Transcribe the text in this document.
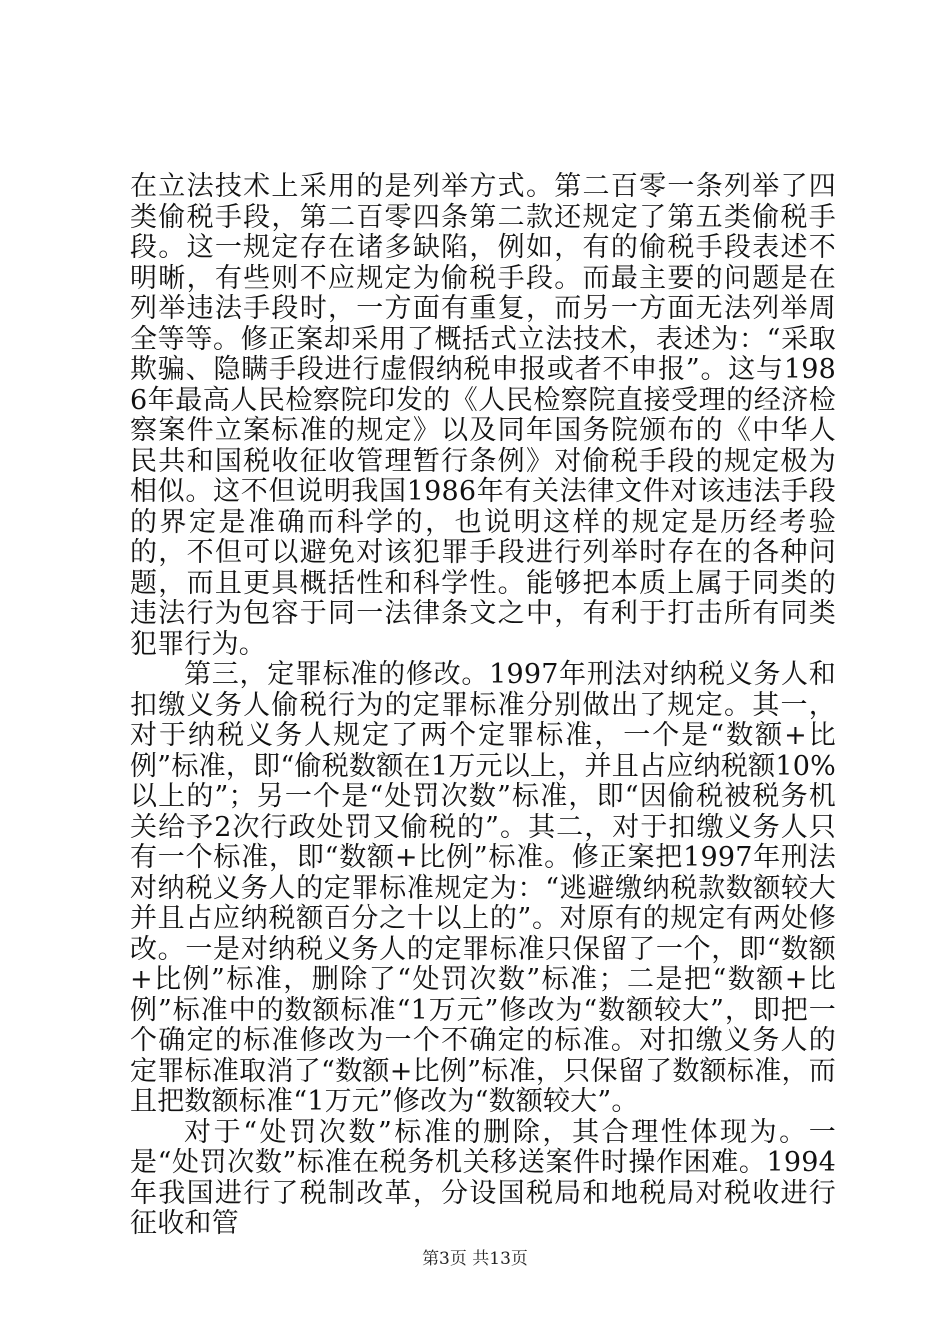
在立法技术上采用的是列举方式。第二百零一条列举了四类偷税手段，第二百零四条第二款还规定了第五类偷税手段。这一规定存在诸多缺陷，例如，有的偷税手段表述不明晰，有些则不应规定为偷税手段。而最主要的问题是在列举违法手段时，一方面有重复，而另一方面无法列举周全等等。修正案却采用了概括式立法技术，表述为：“采取欺骗、隐瞒手段进行虚假纳税申报或者不申报”。这与1986年最高人民检察院印发的《人民检察院直接受理的经济检察案件立案标准的规定》以及同年国务院颁布的《中华人民共和国税收征收管理暂行条例》对偷税手段的规定极为相似。这不但说明我国1986年有关法律文件对该违法手段的界定是准确而科学的，也说明这样的规定是历经考验的，不但可以避免对该犯罪手段进行列举时存在的各种问题，而且更具概括性和科学性。能够把本质上属于同类的违法行为包容于同一法律条文之中，有利于打击所有同类犯罪行为。

第三，定罪标准的修改。1997年刑法对纳税义务人和扣缴义务人偷税行为的定罪标准分别做出了规定。其一，对于纳税义务人规定了两个定罪标准，一个是“数额+比例”标准，即“偷税数额在1万元以上，并且占应纳税额10%以上的”；另一个是“处罚次数”标准，即“因偷税被税务机关给予2次行政处罚又偷税的”。其二，对于扣缴义务人只有一个标准，即“数额+比例”标准。修正案把1997年刑法对纳税义务人的定罪标准规定为：“逃避缴纳税款数额较大并且占应纳税额百分之十以上的”。对原有的规定有两处修改。一是对纳税义务人的定罪标准只保留了一个，即“数额+比例”标准，删除了“处罚次数”标准；二是把“数额+比例”标准中的数额标准“1万元”修改为“数额较大”，即把一个确定的标准修改为一个不确定的标准。对扣缴义务人的定罪标准取消了“数额+比例”标准，只保留了数额标准，而且把数额标准“1万元”修改为“数额较大”。

对于“处罚次数”标准的删除，其合理性体现为。一是“处罚次数”标准在税务机关移送案件时操作困难。1994年我国进行了税制改革，分设国税局和地税局对税收进行征收和管

第3页 共13页
